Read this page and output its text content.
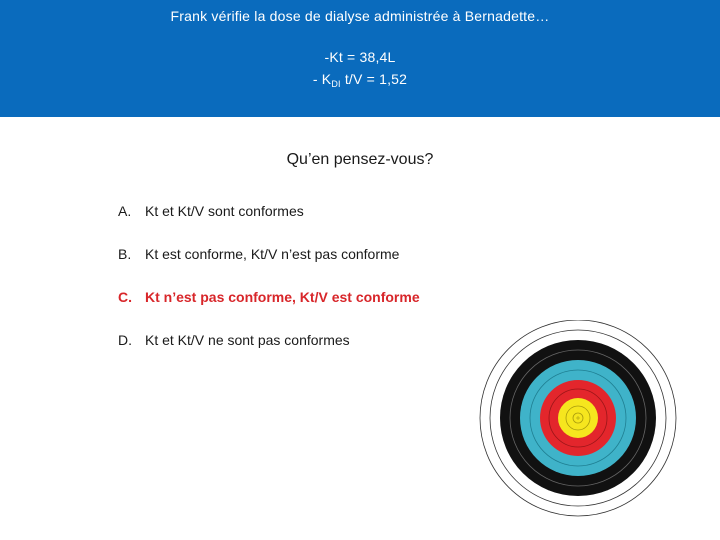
Frank vérifie la dose de dialyse administrée à Bernadette…
-Kt = 38,4L
- $K_{DI}$ t/V = 1,52
Qu’en pensez-vous?
A. Kt et Kt/V sont conformes
B. Kt est conforme, Kt/V n’est pas conforme
C. Kt n’est pas conforme, Kt/V est conforme
D. Kt et Kt/V ne sont pas conformes
